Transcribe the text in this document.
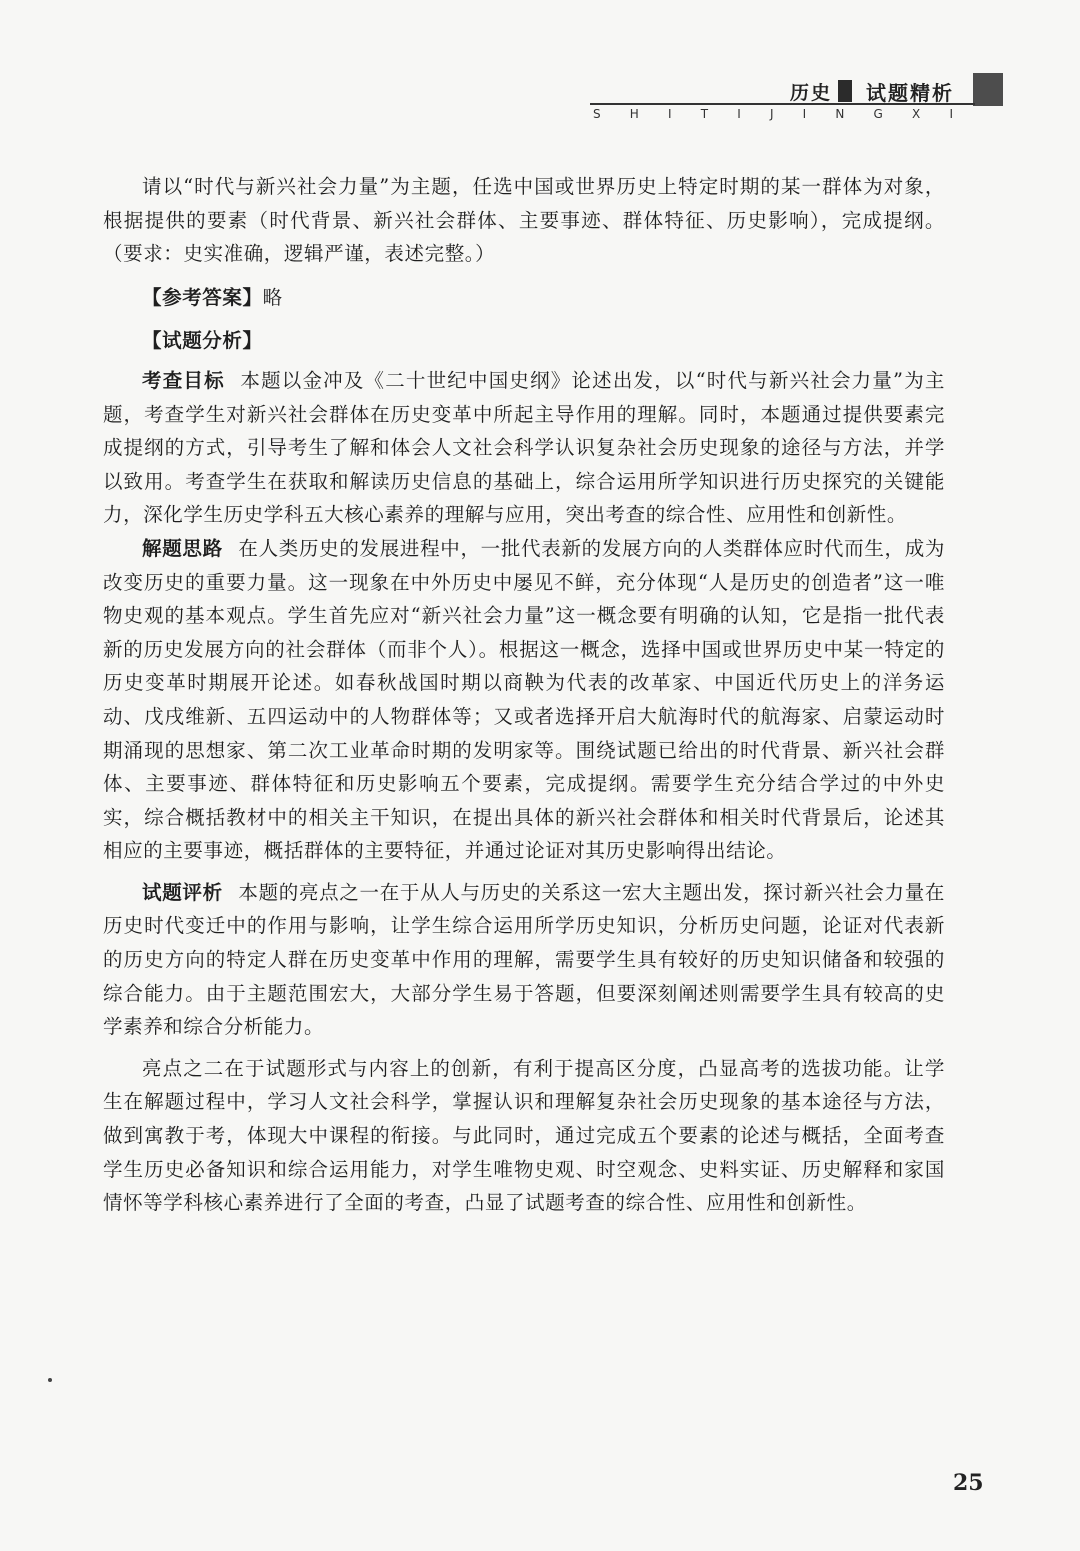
历史 试题精析
S H I T I J I N G X I

请以“时代与新兴社会力量”为主题，任选中国或世界历史上特定时期的某一群体为对象，根据提供的要素（时代背景、新兴社会群体、主要事迹、群体特征、历史影响），完成提纲。（要求：史实准确，逻辑严谨，表述完整。）

【参考答案】略

【试题分析】

考查目标 本题以金冲及《二十世纪中国史纲》论述出发，以“时代与新兴社会力量”为主题，考查学生对新兴社会群体在历史变革中所起主导作用的理解。同时，本题通过提供要素完成提纲的方式，引导考生了解和体会人文社会科学认识复杂社会历史现象的途径与方法，并学以致用。考查学生在获取和解读历史信息的基础上，综合运用所学知识进行历史探究的关键能力，深化学生历史学科五大核心素养的理解与应用，突出考查的综合性、应用性和创新性。

解题思路 在人类历史的发展进程中，一批代表新的发展方向的人类群体应时代而生，成为改变历史的重要力量。这一现象在中外历史中屡见不鲜，充分体现“人是历史的创造者”这一唯物史观的基本观点。学生首先应对“新兴社会力量”这一概念要有明确的认知，它是指一批代表新的历史发展方向的社会群体（而非个人）。根据这一概念，选择中国或世界历史中某一特定的历史变革时期展开论述。如春秋战国时期以商鞅为代表的改革家、中国近代历史上的洋务运动、戊戌维新、五四运动中的人物群体等；又或者选择开启大航海时代的航海家、启蒙运动时期涌现的思想家、第二次工业革命时期的发明家等。围绕试题已给出的时代背景、新兴社会群体、主要事迹、群体特征和历史影响五个要素，完成提纲。需要学生充分结合学过的中外史实，综合概括教材中的相关主干知识，在提出具体的新兴社会群体和相关时代背景后，论述其相应的主要事迹，概括群体的主要特征，并通过论证对其历史影响得出结论。

试题评析 本题的亮点之一在于从人与历史的关系这一宏大主题出发，探讨新兴社会力量在历史时代变迁中的作用与影响，让学生综合运用所学历史知识，分析历史问题，论证对代表新的历史方向的特定人群在历史变革中作用的理解，需要学生具有较好的历史知识储备和较强的综合能力。由于主题范围宏大，大部分学生易于答题，但要深刻阐述则需要学生具有较高的史学素养和综合分析能力。

亮点之二在于试题形式与内容上的创新，有利于提高区分度，凸显高考的选拔功能。让学生在解题过程中，学习人文社会科学，掌握认识和理解复杂社会历史现象的基本途径与方法，做到寓教于考，体现大中课程的衔接。与此同时，通过完成五个要素的论述与概括，全面考查学生历史必备知识和综合运用能力，对学生唯物史观、时空观念、史料实证、历史解释和家国情怀等学科核心素养进行了全面的考查，凸显了试题考查的综合性、应用性和创新性。

25
